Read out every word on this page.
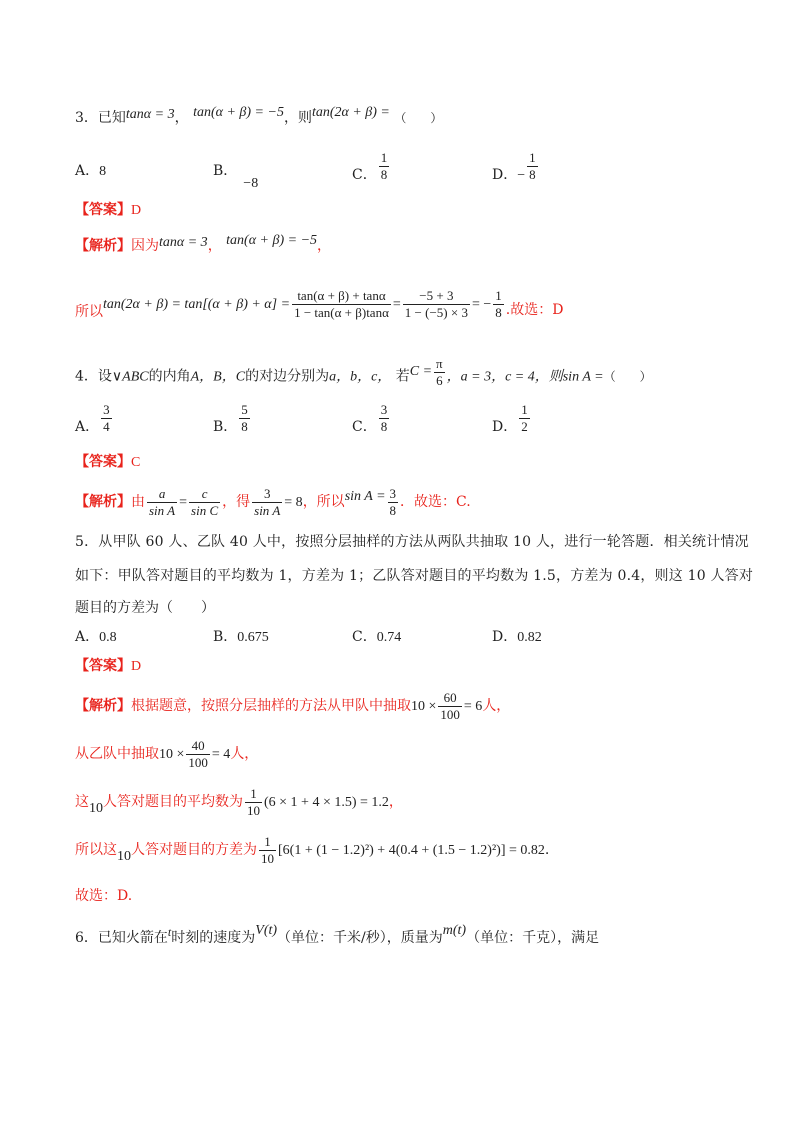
3．已知tanα = 3， tan(α + β) = −5，则tan(2α + β) = （　　）
A．8	B．−8
C． $\frac{1}{8}$	D．− $\frac{1}{8}$
【答案】D
【解析】因为tanα = 3， tan(α + β) = −5，
所以$\tan(2\alpha + \beta) = \tan[(\alpha + \beta) + \alpha] = \frac{\tan(\alpha + \beta) + \tan\alpha}{1 - \tan(\alpha + \beta)\tan\alpha} = \frac{-5 + 3}{1 - (-5) \times 3}$ = − $\frac{1}{8}$ .故选：D
4．设∨ABC的内角A，B，C的对边分别为a，b，c， 若$C = \frac{\pi}{6}$ ，a = 3，c = 4，则sin A =（　　）
A． $\frac{3}{4}$	B． $\frac{5}{8}$	C． $\frac{3}{8}$	D． $\frac{1}{2}$
【答案】C
【解析】由 $\frac{a}{\text{sin A}} = \frac{c}{\text{sin C}}$ ，得 $\frac{3}{\text{sin A}} = 8$，所以$\sin A = \frac{3}{8}$ ．故选：C.
5．从甲队 60 人、乙队 40 人中，按照分层抽样的方法从两队共抽取 10 人，进行一轮答题．相关统计情况
如下：甲队答对题目的平均数为 1，方差为 1；乙队答对题目的平均数为 1.5，方差为 0.4，则这 10 人答对
题目的方差为（　　）
A．0.8	B．0.675	C．0.74	D．0.82
【答案】D
【解析】根据题意，按照分层抽样的方法从甲队中抽取$10 \times \frac{60}{100} = 6$人，
从乙队中抽取$10 \times \frac{40}{100} = 4$人，
这10人答对题目的平均数为 $\frac{1}{10} (6 \times 1 + 4 \times 1.5) = 1.2$，
所以这10人答对题目的方差为 $\frac{1}{10} [6(1 + (1 - 1.2)^2) + 4(0.4 + (1.5 - 1.2)^2)] = 0.82$.
故选：D.
6．已知火箭在t时刻的速度为V(t)（单位：千米/秒），质量为m(t)（单位：千克），满足
